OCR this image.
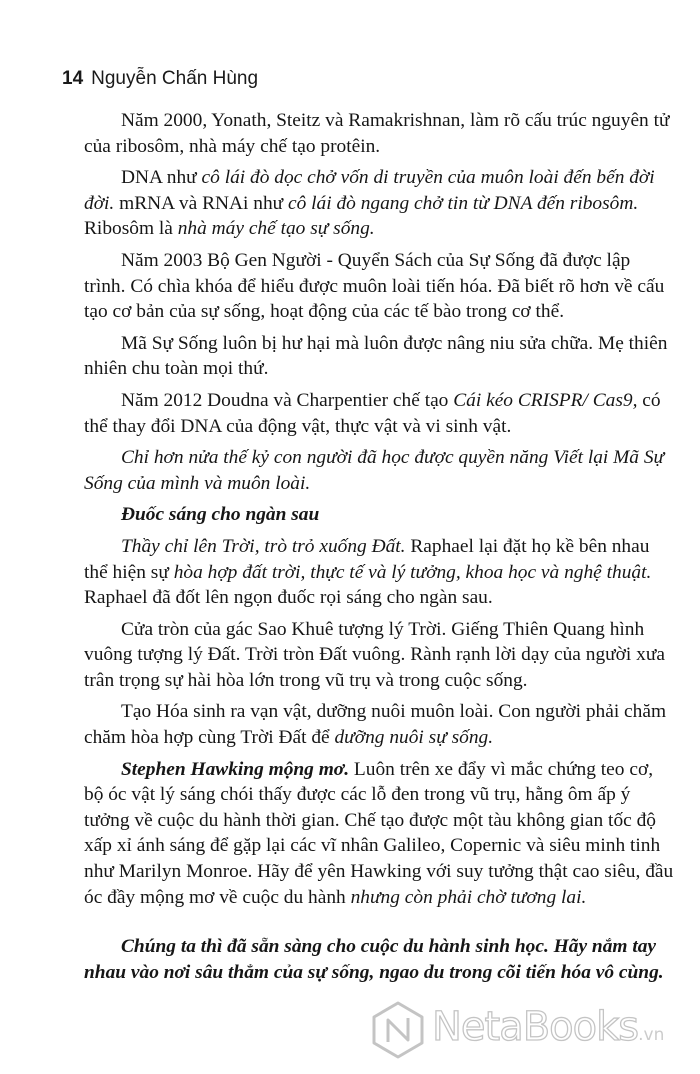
14 Nguyễn Chấn Hùng

Năm 2000, Yonath, Steitz và Ramakrishnan, làm rõ cấu trúc nguyên tử của ribosôm, nhà máy chế tạo protêin.

DNA như cô lái đò dọc chở vốn di truyền của muôn loài đến bến đời đời. mRNA và RNAi như cô lái đò ngang chở tin từ DNA đến ribosôm. Ribosôm là nhà máy chế tạo sự sống.

Năm 2003 Bộ Gen Người - Quyển Sách của Sự Sống đã được lập trình. Có chìa khóa để hiểu được muôn loài tiến hóa. Đã biết rõ hơn về cấu tạo cơ bản của sự sống, hoạt động của các tế bào trong cơ thể.

Mã Sự Sống luôn bị hư hại mà luôn được nâng niu sửa chữa. Mẹ thiên nhiên chu toàn mọi thứ.

Năm 2012 Doudna và Charpentier chế tạo Cái kéo CRISPR/ Cas9, có thể thay đổi DNA của động vật, thực vật và vi sinh vật.

Chỉ hơn nửa thế kỷ con người đã học được quyền năng Viết lại Mã Sự Sống của mình và muôn loài.

Đuốc sáng cho ngàn sau

Thầy chỉ lên Trời, trò trỏ xuống Đất. Raphael lại đặt họ kề bên nhau thể hiện sự hòa hợp đất trời, thực tế và lý tưởng, khoa học và nghệ thuật. Raphael đã đốt lên ngọn đuốc rọi sáng cho ngàn sau.

Cửa tròn của gác Sao Khuê tượng lý Trời. Giếng Thiên Quang hình vuông tượng lý Đất. Trời tròn Đất vuông. Rành rạnh lời dạy của người xưa trân trọng sự hài hòa lớn trong vũ trụ và trong cuộc sống.

Tạo Hóa sinh ra vạn vật, dưỡng nuôi muôn loài. Con người phải chăm chăm hòa hợp cùng Trời Đất để dưỡng nuôi sự sống.

Stephen Hawking mộng mơ. Luôn trên xe đẩy vì mắc chứng teo cơ, bộ óc vật lý sáng chói thấy được các lỗ đen trong vũ trụ, hằng ôm ấp ý tưởng về cuộc du hành thời gian. Chế tạo được một tàu không gian tốc độ xấp xỉ ánh sáng để gặp lại các vĩ nhân Galileo, Copernic và siêu minh tinh như Marilyn Monroe. Hãy để yên Hawking với suy tưởng thật cao siêu, đầu óc đầy mộng mơ về cuộc du hành nhưng còn phải chờ tương lai.

Chúng ta thì đã sẵn sàng cho cuộc du hành sinh học. Hãy nắm tay nhau vào nơi sâu thẳm của sự sống, ngao du trong cõi tiến hóa vô cùng.

NetaBooks.vn
